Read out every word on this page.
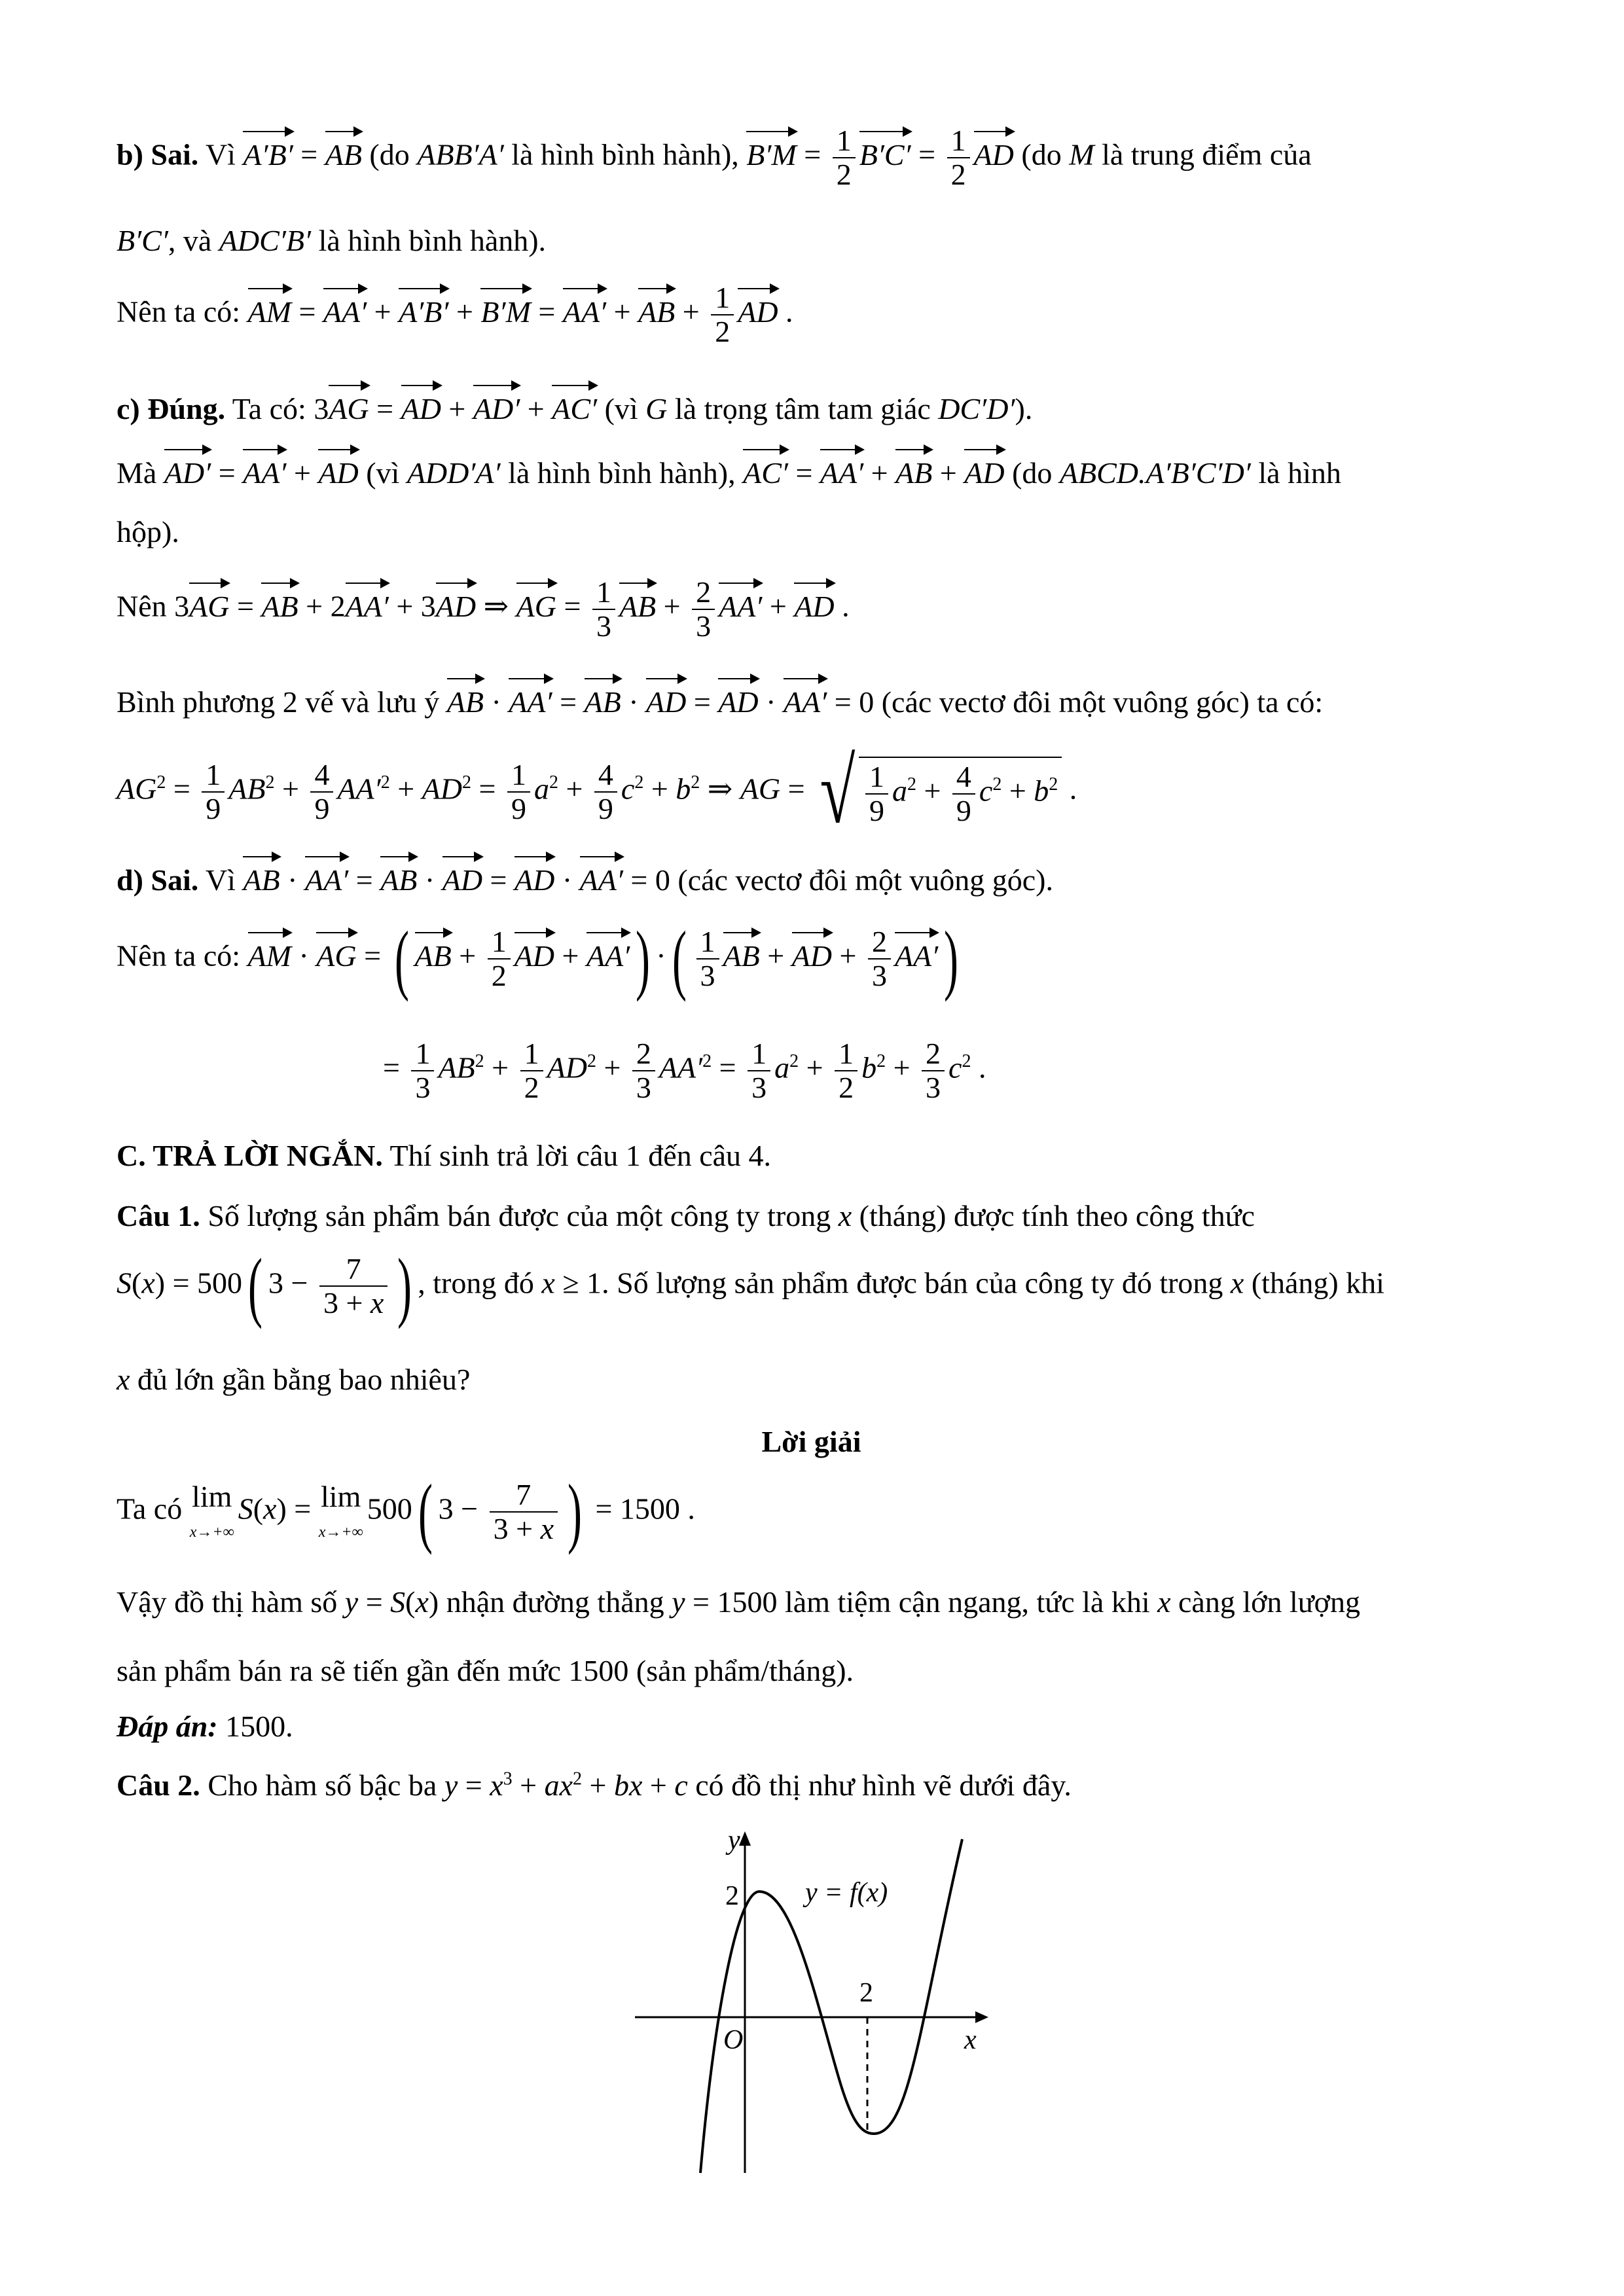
b) Sai. Vì A′B′ = AB (do ABB′A′ là hình bình hành), $B'M = \frac{1}{2} B'C' = \frac{1}{2}$ AD (do M là trung điểm của
B′C′, và ADC′B′ là hình bình hành).
Nên ta có: AM = AA′ + A′B′ + B′M = AA′ + AB + $\frac{1}{2}$ AD .
c) Đúng. Ta có: 3AG = AD + AD′ + AC′ (vì G là trọng tâm tam giác DC′D′).
Mà AD′ = AA′ + AD (vì ADD′A′ là hình bình hành), AC′ = AA′ + AB + AD (do ABCD.A′B′C′D′ là hình
hộp).
Nên 3AG = AB + 2AA′ + 3AD ⇒ AG = $\frac{1}{3}$ AB + $\frac{2}{3} AA'$ + AD .
Bình phương 2 vế và lưu ý AB · AA′ = AB · AD = AD · AA′ = 0 (các vectơ đôi một vuông góc) ta có:
$AG^2 = \frac{1}{9} AB^2 + \frac{4}{9} AA'^2 + AD^2 = \frac{1}{9} a^2 + \frac{4}{9} c^2 + b^2$ ⇒ AG = √ $\frac{1}{9} a^2 + \frac{4}{9} c^2 + b^2$ .
d) Sai. Vì AB · AA′ = AB · AD = AD · AA′ = 0 (các vectơ đôi một vuông góc).
Nên ta có: AM · AG = ( AB + $\frac{1}{2}$ AD + AA′) ·( $\frac{1}{3}$ AB + AD + $\frac{2}{3} AA'$)
= $\frac{1}{3} AB^2 + \frac{1}{2} AD^2 + \frac{2}{3} AA'^2 = \frac{1}{3} a^2 + \frac{1}{2} b^2 + \frac{2}{3} c^2$ .
C. TRẢ LỜI NGẮN. Thí sinh trả lời câu 1 đến câu 4.
Câu 1. Số lượng sản phẩm bán được của một công ty trong x (tháng) được tính theo công thức
S(x) = 500( $3 - \frac{7}{3 + x}$ ) , trong đó x ≥ 1. Số lượng sản phẩm được bán của công ty đó trong x (tháng) khi
x đủ lớn gần bằng bao nhiêu?
Lời giải
Ta có lim
x→+∞S(x) = lim
x→+∞500( $3 - \frac{7}{3 + x}$ ) = 1500 .
Vậy đồ thị hàm số y = S(x) nhận đường thẳng y = 1500 làm tiệm cận ngang, tức là khi x càng lớn lượng
sản phẩm bán ra sẽ tiến gần đến mức 1500 (sản phẩm/tháng).
Đáp án: 1500.
Câu 2. Cho hàm số bậc ba $y = x^3 + ax^2$ + bx + c có đồ thị như hình vẽ dưới đây.
y
x
O
2
2
y = f(x)
